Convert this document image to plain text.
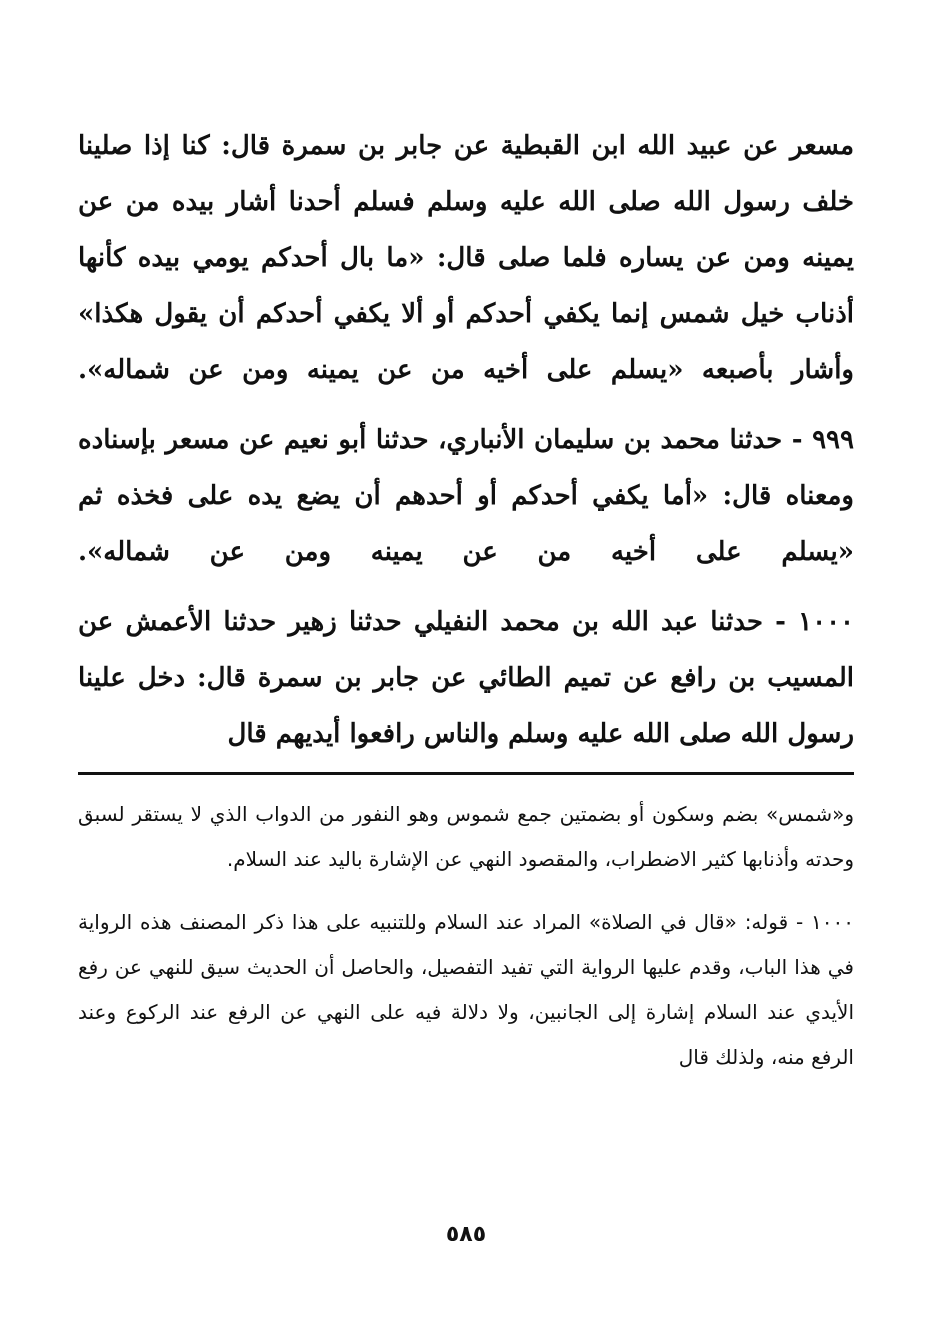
مسعر عن عبيد الله ابن القبطية عن جابر بن سمرة قال: كنا إذا صلينا خلف رسول الله صلى الله عليه وسلم فسلم أحدنا أشار بيده من عن يمينه ومن عن يساره فلما صلى قال: «ما بال أحدكم يومي بيده كأنها أذناب خيل شمس إنما يكفي أحدكم أو ألا يكفي أحدكم أن يقول هكذا» وأشار بأصبعه «يسلم على أخيه من عن يمينه ومن عن شماله».

٩٩٩ - حدثنا محمد بن سليمان الأنباري، حدثنا أبو نعيم عن مسعر بإسناده ومعناه قال: «أما يكفي أحدكم أو أحدهم أن يضع يده على فخذه ثم «يسلم على أخيه من عن يمينه ومن عن شماله».

١٠٠٠ - حدثنا عبد الله بن محمد النفيلي حدثنا زهير حدثنا الأعمش عن المسيب بن رافع عن تميم الطائي عن جابر بن سمرة قال: دخل علينا رسول الله صلى الله عليه وسلم والناس رافعوا أيديهم قال

و«شمس» بضم وسكون أو بضمتين جمع شموس وهو النفور من الدواب الذي لا يستقر لسبق وحدته وأذنابها كثير الاضطراب، والمقصود النهي عن الإشارة باليد عند السلام.

١٠٠٠ - قوله: «قال في الصلاة» المراد عند السلام وللتنبيه على هذا ذكر المصنف هذه الرواية في هذا الباب، وقدم عليها الرواية التي تفيد التفصيل، والحاصل أن الحديث سيق للنهي عن رفع الأيدي عند السلام إشارة إلى الجانبين، ولا دلالة فيه على النهي عن الرفع عند الركوع وعند الرفع منه، ولذلك قال

٥٨٥
